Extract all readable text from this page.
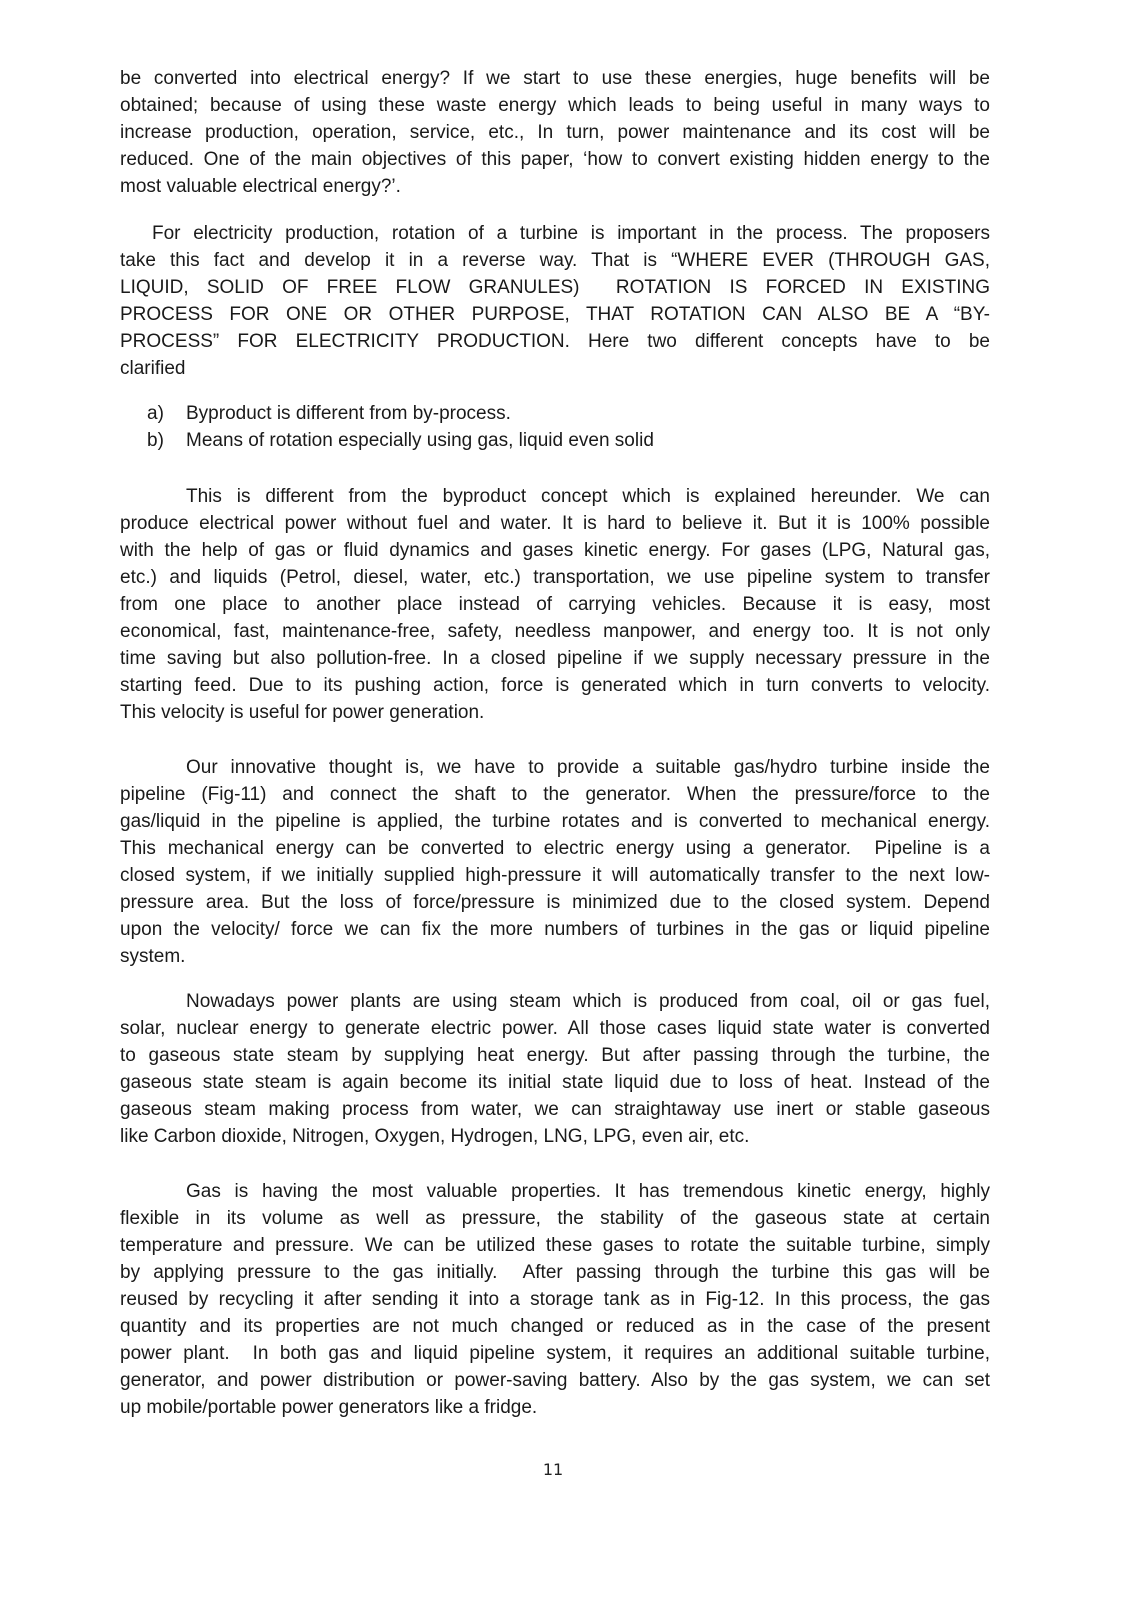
be converted into electrical energy? If we start to use these energies, huge benefits will be
obtained; because of using these waste energy which leads to being useful in many ways to
increase production, operation, service, etc., In turn, power maintenance and its cost will be
reduced. One of the main objectives of this paper, ‘how to convert existing hidden energy to the
most valuable electrical energy?’.
For electricity production, rotation of a turbine is important in the process. The proposers
take this fact and develop it in a reverse way. That is “WHERE EVER (THROUGH GAS,
LIQUID, SOLID OF FREE FLOW GRANULES)  ROTATION IS FORCED IN EXISTING
PROCESS FOR ONE OR OTHER PURPOSE, THAT ROTATION CAN ALSO BE A “BY-
PROCESS” FOR ELECTRICITY PRODUCTION. Here two different concepts have to be
clarified
a)	Byproduct is different from by-process.
b)	Means of rotation especially using gas, liquid even solid
This is different from the byproduct concept which is explained hereunder. We can
produce electrical power without fuel and water. It is hard to believe it. But it is 100% possible
with the help of gas or fluid dynamics and gases kinetic energy. For gases (LPG, Natural gas,
etc.) and liquids (Petrol, diesel, water, etc.) transportation, we use pipeline system to transfer
from one place to another place instead of carrying vehicles. Because it is easy, most
economical, fast, maintenance-free, safety, needless manpower, and energy too. It is not only
time saving but also pollution-free. In a closed pipeline if we supply necessary pressure in the
starting feed. Due to its pushing action, force is generated which in turn converts to velocity.
This velocity is useful for power generation.
Our innovative thought is, we have to provide a suitable gas/hydro turbine inside the
pipeline (Fig-11) and connect the shaft to the generator. When the pressure/force to the
gas/liquid in the pipeline is applied, the turbine rotates and is converted to mechanical energy.
This mechanical energy can be converted to electric energy using a generator.  Pipeline is a
closed system, if we initially supplied high-pressure it will automatically transfer to the next low-
pressure area. But the loss of force/pressure is minimized due to the closed system. Depend
upon the velocity/ force we can fix the more numbers of turbines in the gas or liquid pipeline
system.
Nowadays power plants are using steam which is produced from coal, oil or gas fuel,
solar, nuclear energy to generate electric power. All those cases liquid state water is converted
to gaseous state steam by supplying heat energy. But after passing through the turbine, the
gaseous state steam is again become its initial state liquid due to loss of heat. Instead of the
gaseous steam making process from water, we can straightaway use inert or stable gaseous
like Carbon dioxide, Nitrogen, Oxygen, Hydrogen, LNG, LPG, even air, etc.
Gas is having the most valuable properties. It has tremendous kinetic energy, highly
flexible in its volume as well as pressure, the stability of the gaseous state at certain
temperature and pressure. We can be utilized these gases to rotate the suitable turbine, simply
by applying pressure to the gas initially.  After passing through the turbine this gas will be
reused by recycling it after sending it into a storage tank as in Fig-12. In this process, the gas
quantity and its properties are not much changed or reduced as in the case of the present
power plant.  In both gas and liquid pipeline system, it requires an additional suitable turbine,
generator, and power distribution or power-saving battery. Also by the gas system, we can set
up mobile/portable power generators like a fridge.
11
